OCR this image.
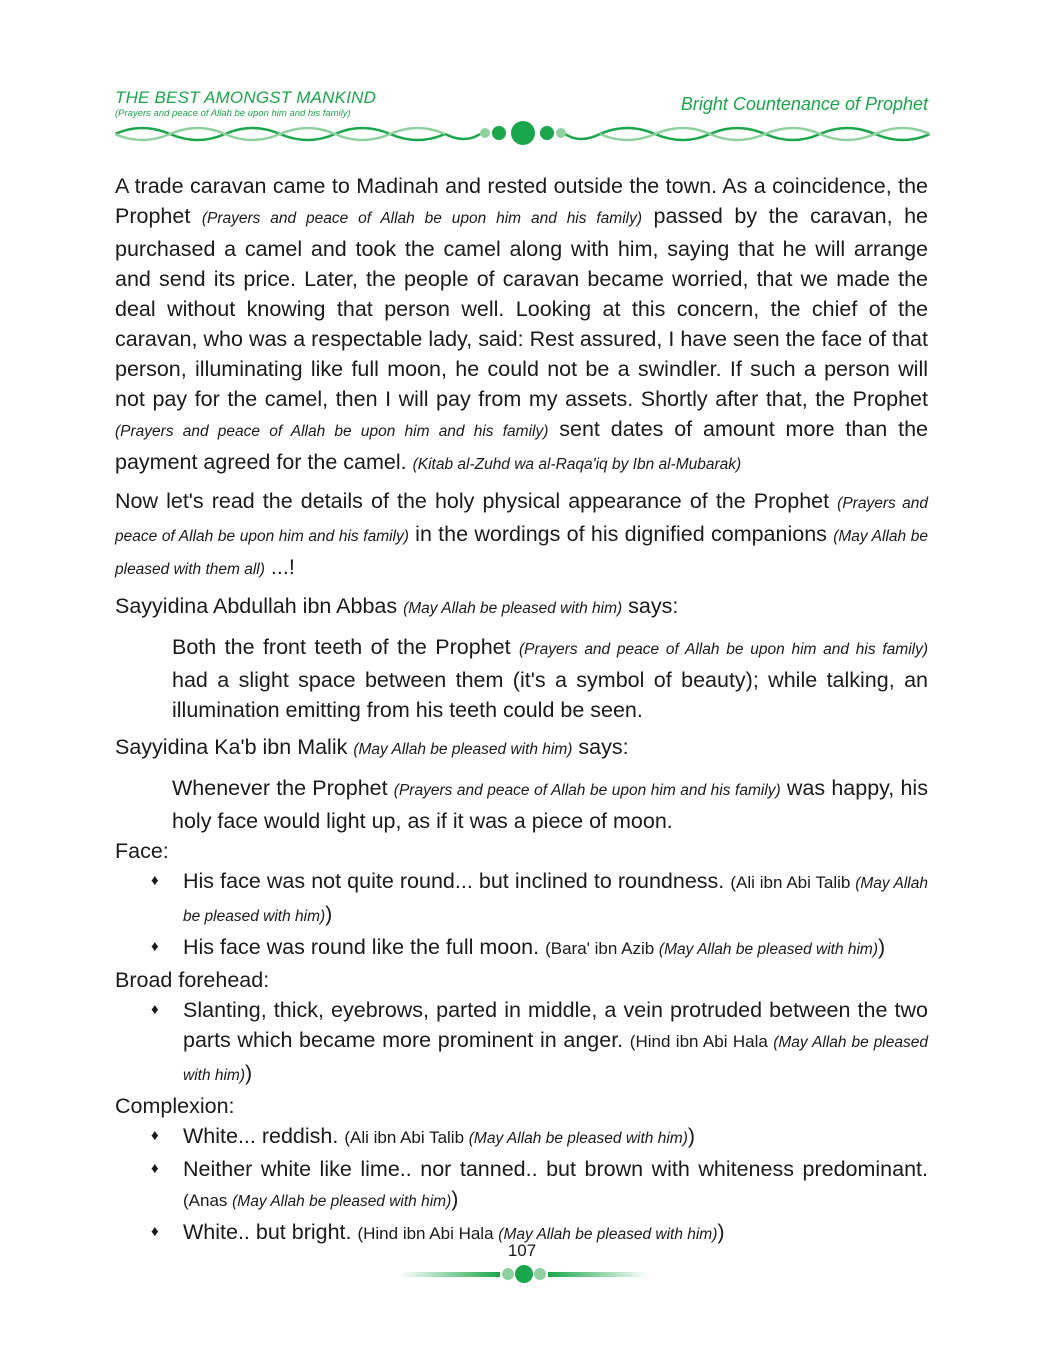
THE BEST AMONGST MANKIND
(Prayers and peace of Allah be upon him and his family)	Bright Countenance of Prophet

A trade caravan came to Madinah and rested outside the town. As a coincidence, the Prophet (Prayers and peace of Allah be upon him and his family) passed by the caravan, he purchased a camel and took the camel along with him, saying that he will arrange and send its price. Later, the people of caravan became worried, that we made the deal without knowing that person well. Looking at this concern, the chief of the caravan, who was a respectable lady, said: Rest assured, I have seen the face of that person, illuminating like full moon, he could not be a swindler. If such a person will not pay for the camel, then I will pay from my assets. Shortly after that, the Prophet (Prayers and peace of Allah be upon him and his family) sent dates of amount more than the payment agreed for the camel. (Kitab al-Zuhd wa al-Raqa'iq by Ibn al-Mubarak)

Now let's read the details of the holy physical appearance of the Prophet (Prayers and peace of Allah be upon him and his family) in the wordings of his dignified companions (May Allah be pleased with them all) ...!

Sayyidina Abdullah ibn Abbas (May Allah be pleased with him) says:

Both the front teeth of the Prophet (Prayers and peace of Allah be upon him and his family) had a slight space between them (it's a symbol of beauty); while talking, an illumination emitting from his teeth could be seen.

Sayyidina Ka'b ibn Malik (May Allah be pleased with him) says:

Whenever the Prophet (Prayers and peace of Allah be upon him and his family) was happy, his holy face would light up, as if it was a piece of moon.

Face:

♦ His face was not quite round... but inclined to roundness. (Ali ibn Abi Talib (May Allah be pleased with him))
♦ His face was round like the full moon. (Bara' ibn Azib (May Allah be pleased with him))

Broad forehead:

♦ Slanting, thick, eyebrows, parted in middle, a vein protruded between the two parts which became more prominent in anger. (Hind ibn Abi Hala (May Allah be pleased with him))

Complexion:

♦ White... reddish. (Ali ibn Abi Talib (May Allah be pleased with him))
♦ Neither white like lime.. nor tanned.. but brown with whiteness predominant. (Anas (May Allah be pleased with him))
♦ White.. but bright. (Hind ibn Abi Hala (May Allah be pleased with him))
107
